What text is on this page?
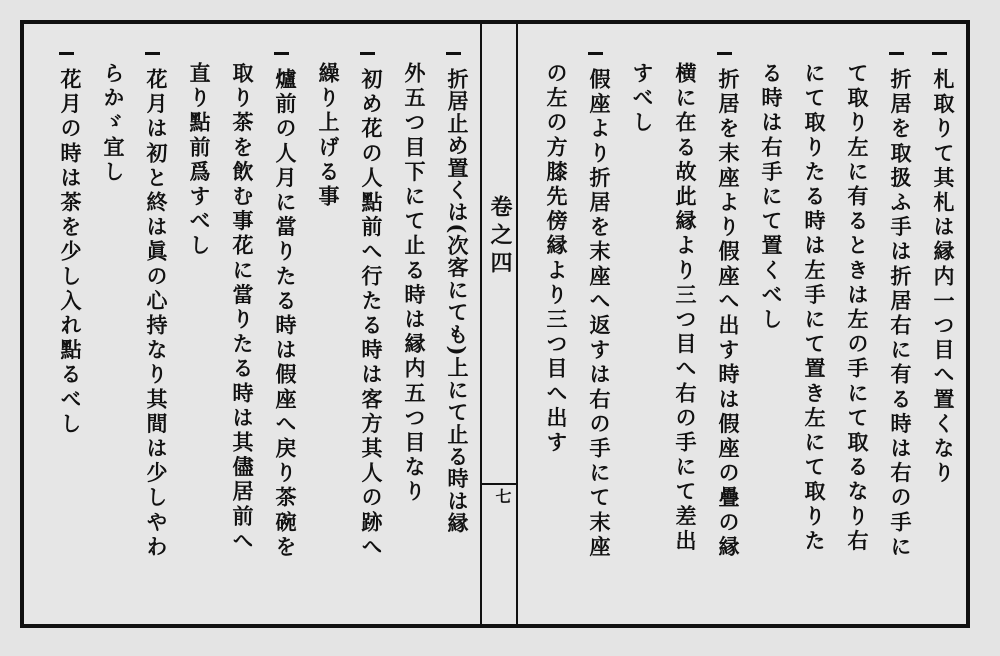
卷之四
七
札取りて其札は縁内一つ目へ置くなり
折居を取扱ふ手は折居右に有る時は右の手に
て取り左に有るときは左の手にて取るなり右
にて取りたる時は左手にて置き左にて取りた
る時は右手にて置くべし
折居を末座より假座へ出す時は假座の疊の縁
横に在る故此縁より三つ目へ右の手にて差出
すべし
假座より折居を末座へ返すは右の手にて末座
の左の方膝先傍縁より三つ目へ出す
折居止め置くは(次客にても)上にて止る時は縁
外五つ目下にて止る時は縁内五つ目なり
初め花の人點前へ行たる時は客方其人の跡へ
繰り上げる事
爐前の人月に當りたる時は假座へ戻り茶碗を
取り茶を飲む事花に當りたる時は其儘居前へ
直り點前爲すべし
花月は初と終は眞の心持なり其間は少しやわ
らかゞ宜し
花月の時は茶を少し入れ點るべし
